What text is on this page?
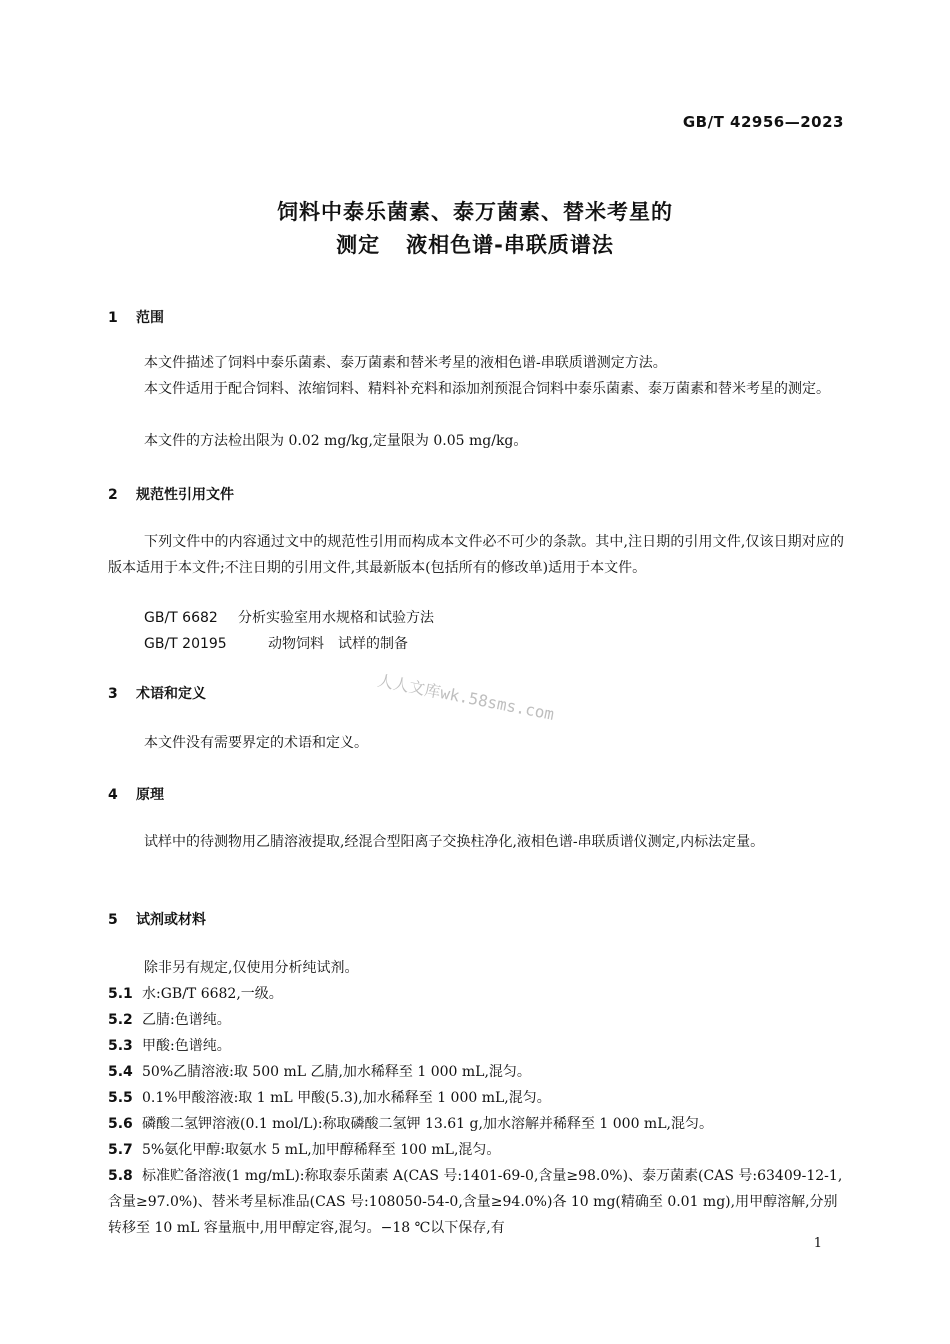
GB/T 42956—2023
饲料中泰乐菌素、泰万菌素、替米考星的
测定 液相色谱-串联质谱法
1 范围
本文件描述了饲料中泰乐菌素、泰万菌素和替米考星的液相色谱-串联质谱测定方法。
本文件适用于配合饲料、浓缩饲料、精料补充料和添加剂预混合饲料中泰乐菌素、泰万菌素和替米考星的测定。
本文件的方法检出限为 0.02 mg/kg,定量限为 0.05 mg/kg。
2 规范性引用文件
下列文件中的内容通过文中的规范性引用而构成本文件必不可少的条款。其中,注日期的引用文件,仅该日期对应的版本适用于本文件;不注日期的引用文件,其最新版本(包括所有的修改单)适用于本文件。
GB/T 6682 分析实验室用水规格和试验方法
GB/T 20195	动物饲料　试样的制备
人人文库wk.58sms.com
3 术语和定义
本文件没有需要界定的术语和定义。
4 原理
试样中的待测物用乙腈溶液提取,经混合型阳离子交换柱净化,液相色谱-串联质谱仪测定,内标法定量。
5 试剂或材料
除非另有规定,仅使用分析纯试剂。
5.1 水:GB/T 6682,一级。
5.2 乙腈:色谱纯。
5.3 甲酸:色谱纯。
5.4 50%乙腈溶液:取 500 mL 乙腈,加水稀释至 1 000 mL,混匀。
5.5 0.1%甲酸溶液:取 1 mL 甲酸(5.3),加水稀释至 1 000 mL,混匀。
5.6 磷酸二氢钾溶液(0.1 mol/L):称取磷酸二氢钾 13.61 g,加水溶解并稀释至 1 000 mL,混匀。
5.7 5%氨化甲醇:取氨水 5 mL,加甲醇稀释至 100 mL,混匀。
5.8 标准贮备溶液(1 mg/mL):称取泰乐菌素 A(CAS 号:1401-69-0,含量≥98.0%)、泰万菌素(CAS 号:63409-12-1,含量≥97.0%)、替米考星标准品(CAS 号:108050-54-0,含量≥94.0%)各 10 mg(精确至 0.01 mg),用甲醇溶解,分别转移至 10 mL 容量瓶中,用甲醇定容,混匀。−18 ℃以下保存,有
1
